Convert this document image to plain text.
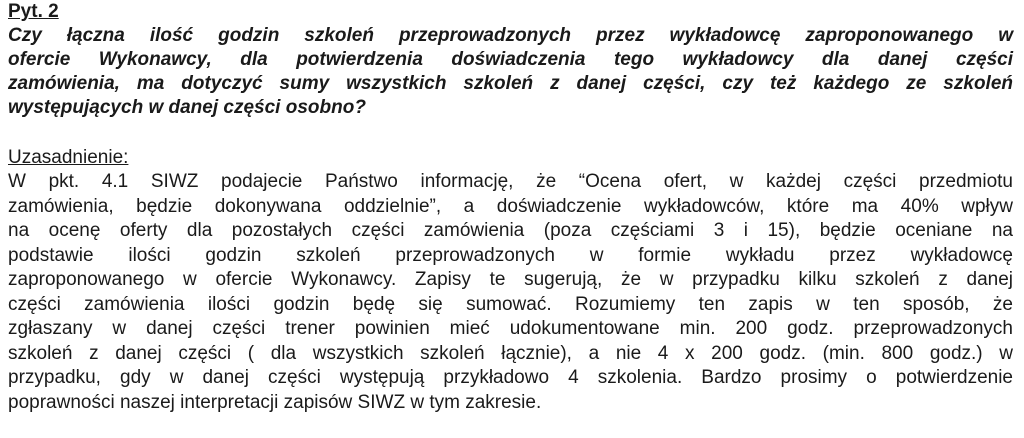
Pyt. 2

Czy łączna ilość godzin szkoleń przeprowadzonych przez wykładowcę zaproponowanego w
ofercie Wykonawcy, dla potwierdzenia doświadczenia tego wykładowcy dla danej części
zamówienia, ma dotyczyć sumy wszystkich szkoleń z danej części, czy też każdego ze szkoleń
występujących w danej części osobno?

Uzasadnienie:

W pkt. 4.1 SIWZ podajecie Państwo informację, że “Ocena ofert, w każdej części przedmiotu
zamówienia, będzie dokonywana oddzielnie”, a doświadczenie wykładowców, które ma 40% wpływ
na ocenę oferty dla pozostałych części zamówienia (poza częściami 3 i 15), będzie oceniane na
podstawie ilości godzin szkoleń przeprowadzonych w formie wykładu przez wykładowcę
zaproponowanego w ofercie Wykonawcy. Zapisy te sugerują, że w przypadku kilku szkoleń z danej
części zamówienia ilości godzin będę się sumować. Rozumiemy ten zapis w ten sposób, że
zgłaszany w danej części trener powinien mieć udokumentowane min. 200 godz. przeprowadzonych
szkoleń z danej części ( dla wszystkich szkoleń łącznie), a nie 4 x 200 godz. (min. 800 godz.) w
przypadku, gdy w danej części występują przykładowo 4 szkolenia. Bardzo prosimy o potwierdzenie
poprawności naszej interpretacji zapisów SIWZ w tym zakresie.
